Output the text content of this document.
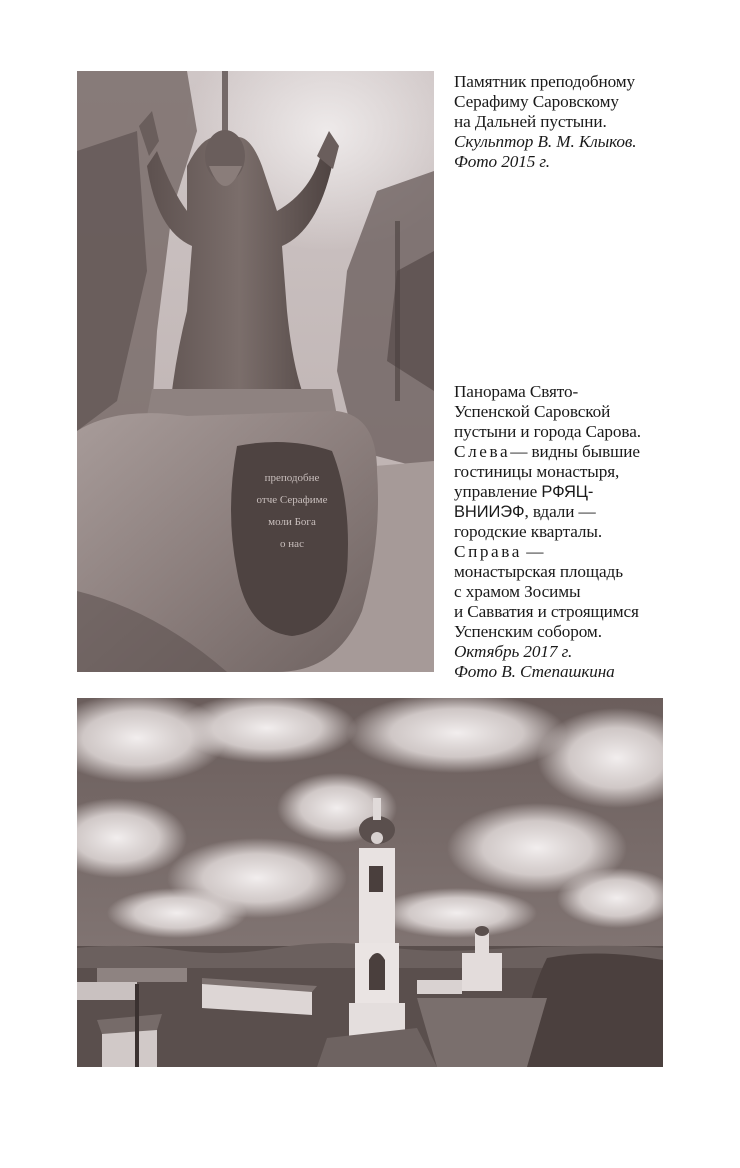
преподобне
отче Серафиме
моли Бога
о нас
Памятник преподобному
Серафиму Саровскому
на Дальней пустыни.
Скульптор В. М. Клыков.
Фото 2015 г.
Панорама Свято-
Успенской Саровской
пустыни и города Сарова.
Слева— видны бывшие
гостиницы монастыря,
управление РФЯЦ-
ВНИИЭФ, вдали —
городские кварталы.
Справа —
монастырская площадь
с храмом Зосимы
и Савватия и строящимся
Успенским собором.
Октябрь 2017 г.
Фото В. Степашкина
